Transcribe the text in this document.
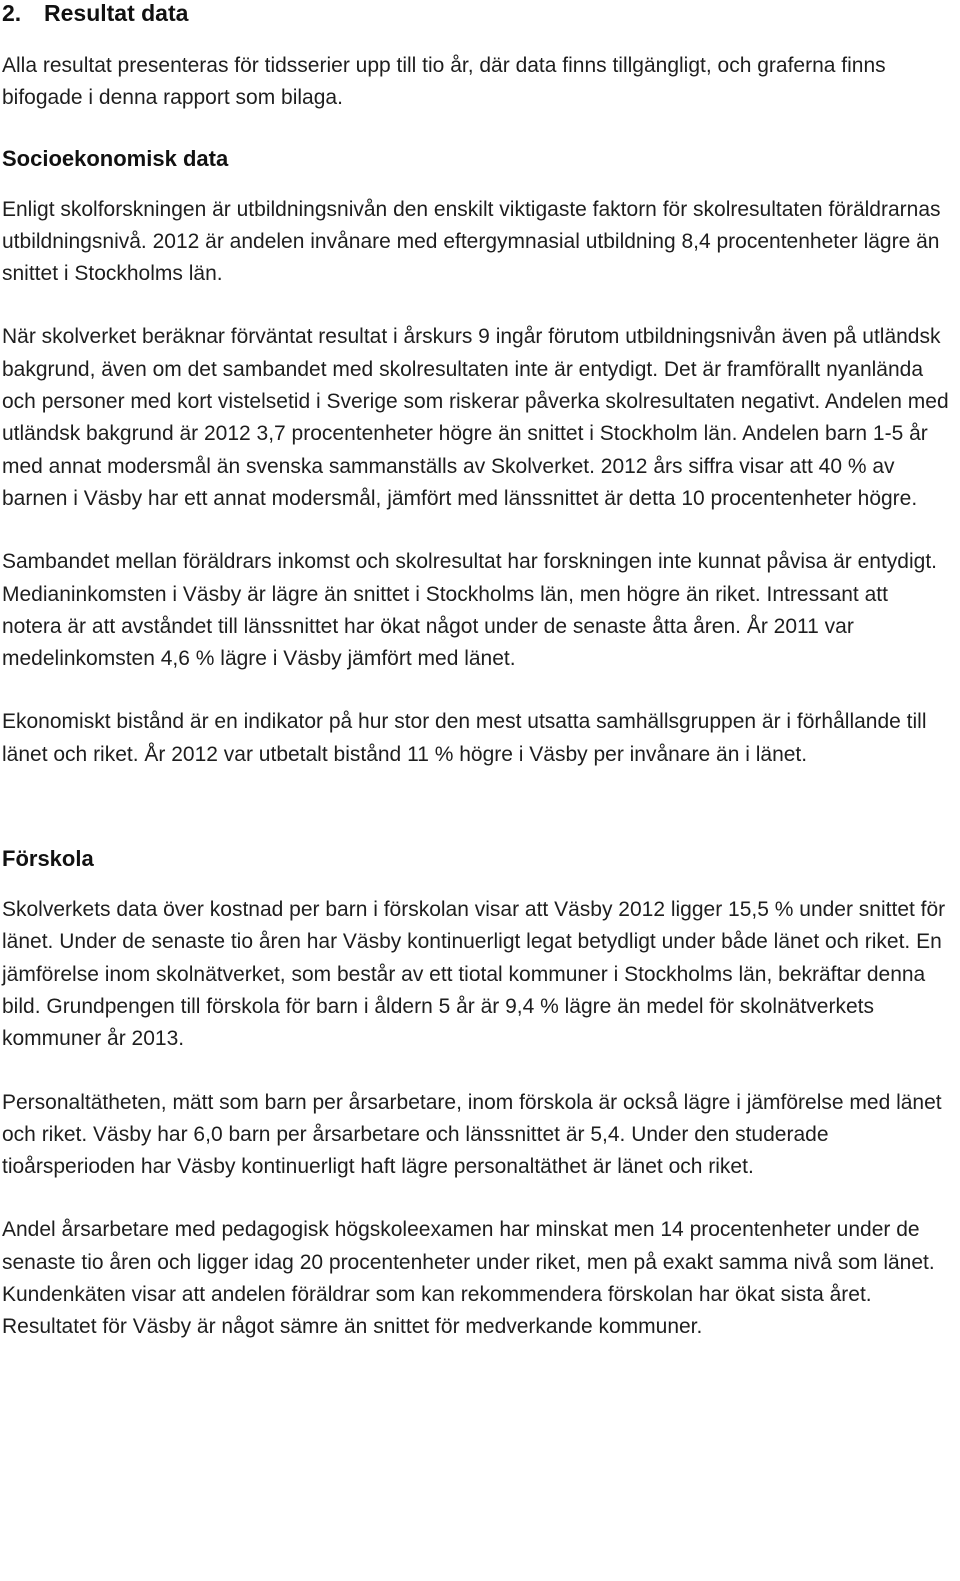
2. Resultat data

Alla resultat presenteras för tidsserier upp till tio år, där data finns tillgängligt, och graferna finns bifogade i denna rapport som bilaga.

Socioekonomisk data

Enligt skolforskningen är utbildningsnivån den enskilt viktigaste faktorn för skolresultaten föräldrarnas utbildningsnivå. 2012 är andelen invånare med eftergymnasial utbildning 8,4 procentenheter lägre än snittet i Stockholms län.

När skolverket beräknar förväntat resultat i årskurs 9 ingår förutom utbildningsnivån även på utländsk bakgrund, även om det sambandet med skolresultaten inte är entydigt. Det är framförallt nyanlända och personer med kort vistelsetid i Sverige som riskerar påverka skolresultaten negativt. Andelen med utländsk bakgrund är 2012 3,7 procentenheter högre än snittet i Stockholm län. Andelen barn 1-5 år med annat modersmål än svenska sammanställs av Skolverket. 2012 års siffra visar att 40 % av barnen i Väsby har ett annat modersmål, jämfört med länssnittet är detta 10 procentenheter högre.

Sambandet mellan föräldrars inkomst och skolresultat har forskningen inte kunnat påvisa är entydigt. Medianinkomsten i Väsby är lägre än snittet i Stockholms län, men högre än riket. Intressant att notera är att avståndet till länssnittet har ökat något under de senaste åtta åren. År 2011 var medelinkomsten 4,6 % lägre i Väsby jämfört med länet.

Ekonomiskt bistånd är en indikator på hur stor den mest utsatta samhällsgruppen är i förhållande till länet och riket. År 2012 var utbetalt bistånd 11 % högre i Väsby per invånare än i länet.

Förskola

Skolverkets data över kostnad per barn i förskolan visar att Väsby 2012 ligger 15,5 % under snittet för länet. Under de senaste tio åren har Väsby kontinuerligt legat betydligt under både länet och riket. En jämförelse inom skolnätverket, som består av ett tiotal kommuner i Stockholms län, bekräftar denna bild. Grundpengen till förskola för barn i åldern 5 år är 9,4 % lägre än medel för skolnätverkets kommuner år 2013.

Personaltätheten, mätt som barn per årsarbetare, inom förskola är också lägre i jämförelse med länet och riket. Väsby har 6,0 barn per årsarbetare och länssnittet är 5,4. Under den studerade tioårsperioden har Väsby kontinuerligt haft lägre personaltäthet är länet och riket.

Andel årsarbetare med pedagogisk högskoleexamen har minskat men 14 procentenheter under de senaste tio åren och ligger idag 20 procentenheter under riket, men på exakt samma nivå som länet. Kundenkäten visar att andelen föräldrar som kan rekommendera förskolan har ökat sista året. Resultatet för Väsby är något sämre än snittet för medverkande kommuner.
